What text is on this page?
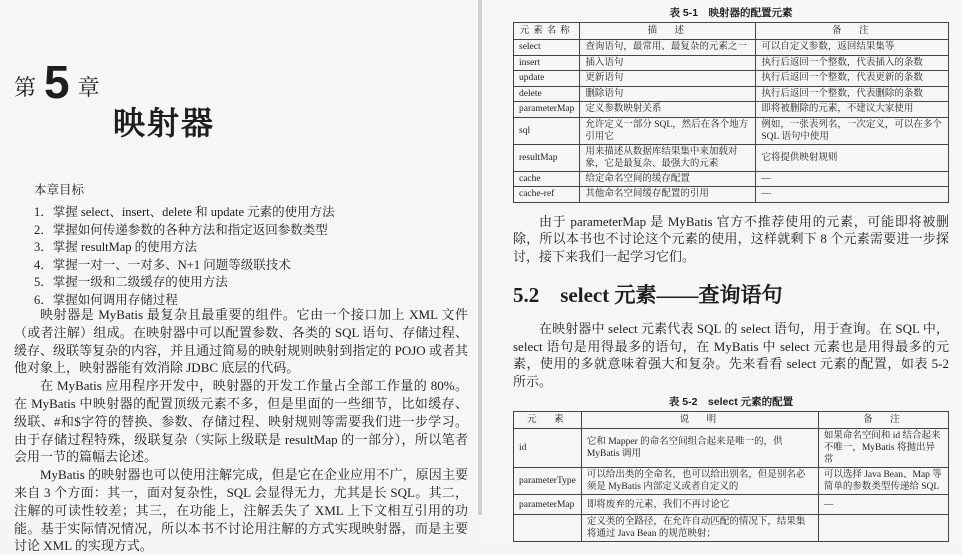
第 5 章
映射器
本章目标
1．掌握 select、insert、delete 和 update 元素的使用方法
2．掌握如何传递参数的各种方法和指定返回参数类型
3．掌握 resultMap 的使用方法
4．掌握一对一、一对多、N+1 问题等级联技术
5．掌握一级和二级缓存的使用方法
6．掌握如何调用存储过程

映射器是 MyBatis 最复杂且最重要的组件。它由一个接口加上 XML 文件（或者注解）组成。在映射器中可以配置参数、各类的 SQL 语句、存储过程、缓存、级联等复杂的内容，并且通过简易的映射规则映射到指定的 POJO 或者其他对象上，映射器能有效消除 JDBC 底层的代码。

在 MyBatis 应用程序开发中，映射器的开发工作量占全部工作量的 80%。在 MyBatis 中映射器的配置顶级元素不多，但是里面的一些细节，比如缓存、级联、#和$字符的替换、参数、存储过程、映射规则等需要我们进一步学习。由于存储过程特殊，级联复杂（实际上级联是 resultMap 的一部分），所以笔者会用一节的篇幅去论述。

MyBatis 的映射器也可以使用注解完成，但是它在企业应用不广，原因主要来自 3 个方面：其一，面对复杂性，SQL 会显得无力，尤其是长 SQL。其二，注解的可读性较差；其三，在功能上，注解丢失了 XML 上下文相互引用的功能。基于实际情况情况，所以本书不讨论用注解的方式实现映射器，而是主要讨论 XML 的实现方式。

表 5-1　映射器的配置元素
元素名称	描　述	备　注
select	查询语句，最常用、最复杂的元素之一	可以自定义参数，返回结果集等
insert	插入语句	执行后返回一个整数，代表插入的条数
update	更新语句	执行后返回一个整数，代表更新的条数
delete	删除语句	执行后返回一个整数，代表删除的条数
parameterMap	定义参数映射关系	即将被删除的元素，不建议大家使用
sql	允许定义一部分 SQL，然后在各个地方引用它	例如，一张表列名，一次定义，可以在多个 SQL 语句中使用
resultMap	用来描述从数据库结果集中来加载对象，它是最复杂、最强大的元素	它将提供映射规则
cache	给定命名空间的缓存配置	—
cache-ref	其他命名空间缓存配置的引用	—

由于 parameterMap 是 MyBatis 官方不推荐使用的元素，可能即将被删除，所以本书也不讨论这个元素的使用，这样就剩下 8 个元素需要进一步探讨，接下来我们一起学习它们。

5.2　select 元素——查询语句

在映射器中 select 元素代表 SQL 的 select 语句，用于查询。在 SQL 中，select 语句是用得最多的语句，在 MyBatis 中 select 元素也是用得最多的元素，使用的多就意味着强大和复杂。先来看看 select 元素的配置，如表 5-2 所示。

表 5-2　select 元素的配置
元　素	说　明	备　注
id	它和 Mapper 的命名空间组合起来是唯一的，供 MyBatis 调用	如果命名空间和 id 结合起来不唯一，MyBatis 将抛出异常
parameterType	可以给出类的全命名，也可以给出别名，但是别名必须是 MyBatis 内部定义或者自定义的	可以选择 Java Bean、Map 等简单的参数类型传递给 SQL
parameterMap	即将废弃的元素，我们不再讨论它	—
	定义类的全路径，在允许自动匹配的情况下，结果集将通过 Java Bean 的规范映射；	
